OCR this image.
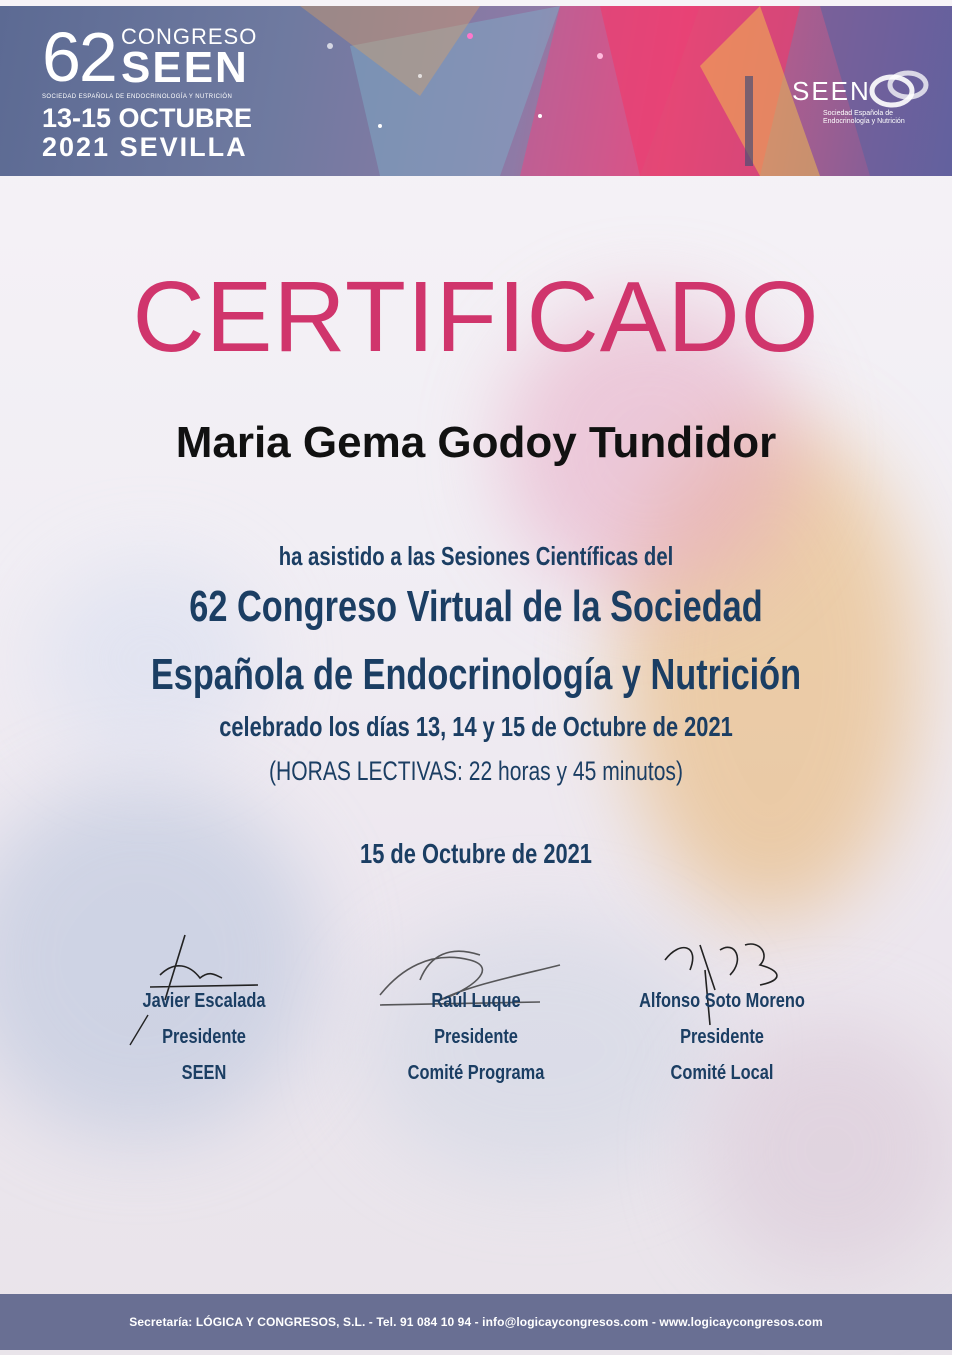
62 CONGRESO
SEEN
SOCIEDAD ESPAÑOLA DE ENDOCRINOLOGÍA Y NUTRICIÓN
13-15 OCTUBRE
2021 SEVILLA
SEEN
Sociedad Española de Endocrinología y Nutrición
CERTIFICADO
Maria Gema Godoy Tundidor
ha asistido a las Sesiones Científicas del
62 Congreso Virtual de la Sociedad
Española de Endocrinología y Nutrición
celebrado los días 13, 14 y 15 de Octubre de 2021
(HORAS LECTIVAS: 22 horas y 45 minutos)
15 de Octubre de 2021
Javier Escalada
Presidente
SEEN
Raúl Luque
Presidente
Comité Programa
Alfonso Soto Moreno
Presidente
Comité Local
Secretaría: LÓGICA Y CONGRESOS, S.L. - Tel. 91 084 10 94 - info@logicaycongresos.com - www.logicaycongresos.com
